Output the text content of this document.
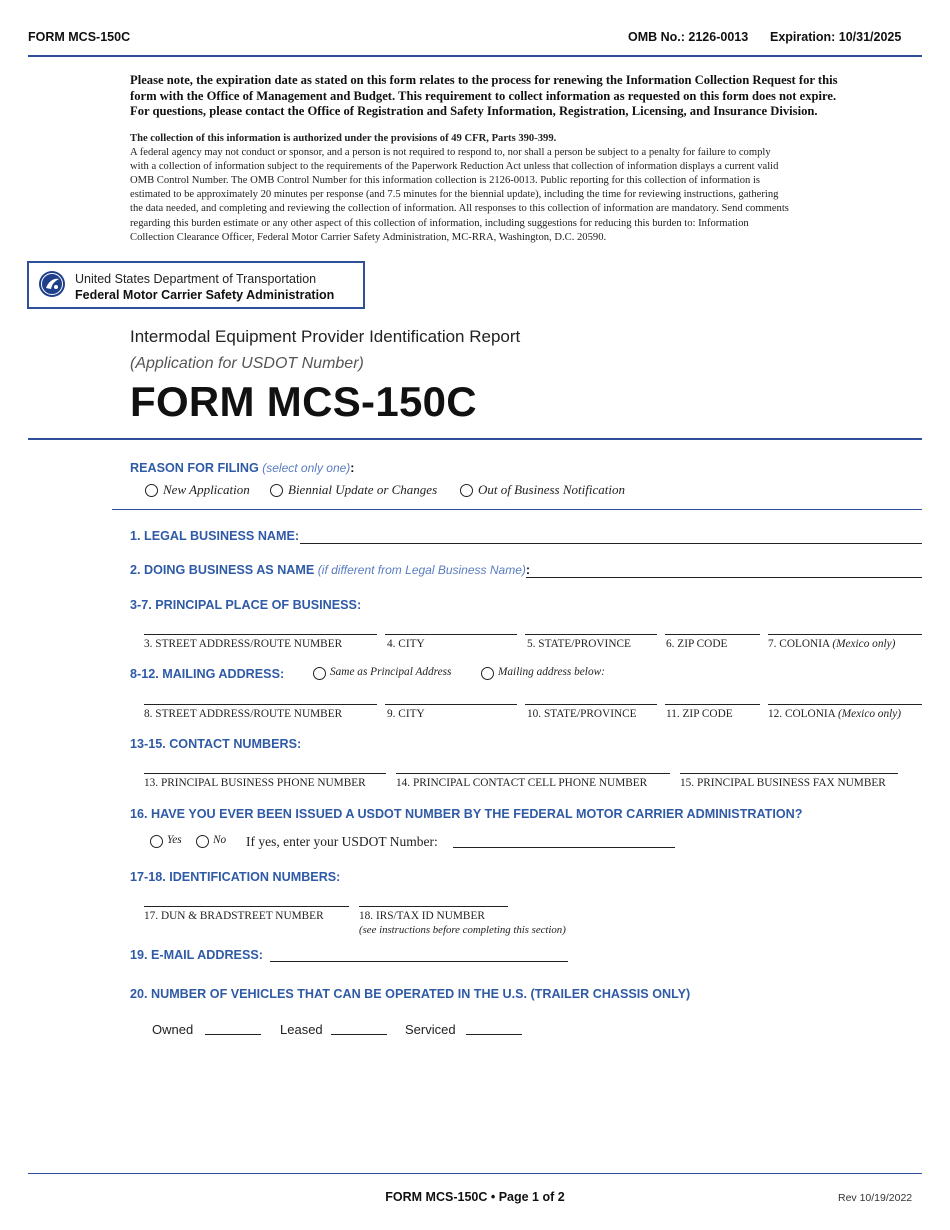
FORM MCS-150C	OMB No.: 2126-0013 Expiration: 10/31/2025
Please note, the expiration date as stated on this form relates to the process for renewing the Information Collection Request for this
form with the Office of Management and Budget. This requirement to collect information as requested on this form does not expire.
For questions, please contact the Office of Registration and Safety Information, Registration, Licensing, and Insurance Division.
The collection of this information is authorized under the provisions of 49 CFR, Parts 390-399.
A federal agency may not conduct or sponsor, and a person is not required to respond to, nor shall a person be subject to a penalty for failure to comply
with a collection of information subject to the requirements of the Paperwork Reduction Act unless that collection of information displays a current valid
OMB Control Number. The OMB Control Number for this information collection is 2126-0013. Public reporting for this collection of information is
estimated to be approximately 20 minutes per response (and 7.5 minutes for the biennial update), including the time for reviewing instructions, gathering
the data needed, and completing and reviewing the collection of information. All responses to this collection of information are mandatory. Send comments
regarding this burden estimate or any other aspect of this collection of information, including suggestions for reducing this burden to: Information
Collection Clearance Officer, Federal Motor Carrier Safety Administration, MC-RRA, Washington, D.C. 20590.
United States Department of Transportation
Federal Motor Carrier Safety Administration
Intermodal Equipment Provider Identification Report
(Application for USDOT Number)
FORM MCS-150C
REASON FOR FILING (select only one):
New Application	Biennial Update or Changes	Out of Business Notification
1. LEGAL BUSINESS NAME:
2. DOING BUSINESS AS NAME (if different from Legal Business Name):
3-7. PRINCIPAL PLACE OF BUSINESS:
3. STREET ADDRESS/ROUTE NUMBER	4. CITY	5. STATE/PROVINCE	6. ZIP CODE	7. COLONIA (Mexico only)
8-12. MAILING ADDRESS:	Same as Principal Address	Mailing address below:
8. STREET ADDRESS/ROUTE NUMBER	9. CITY	10. STATE/PROVINCE	11. ZIP CODE	12. COLONIA (Mexico only)
13-15. CONTACT NUMBERS:
13. PRINCIPAL BUSINESS PHONE NUMBER	14. PRINCIPAL CONTACT CELL PHONE NUMBER	15. PRINCIPAL BUSINESS FAX NUMBER
16. HAVE YOU EVER BEEN ISSUED A USDOT NUMBER BY THE FEDERAL MOTOR CARRIER ADMINISTRATION?
Yes	No If yes, enter your USDOT Number:
17-18. IDENTIFICATION NUMBERS:
17. DUN & BRADSTREET NUMBER	18. IRS/TAX ID NUMBER
(see instructions before completing this section)
19. E-MAIL ADDRESS:
20. NUMBER OF VEHICLES THAT CAN BE OPERATED IN THE U.S. (TRAILER CHASSIS ONLY)
Owned	Leased	Serviced
FORM MCS-150C • Page 1 of 2	Rev 10/19/2022
